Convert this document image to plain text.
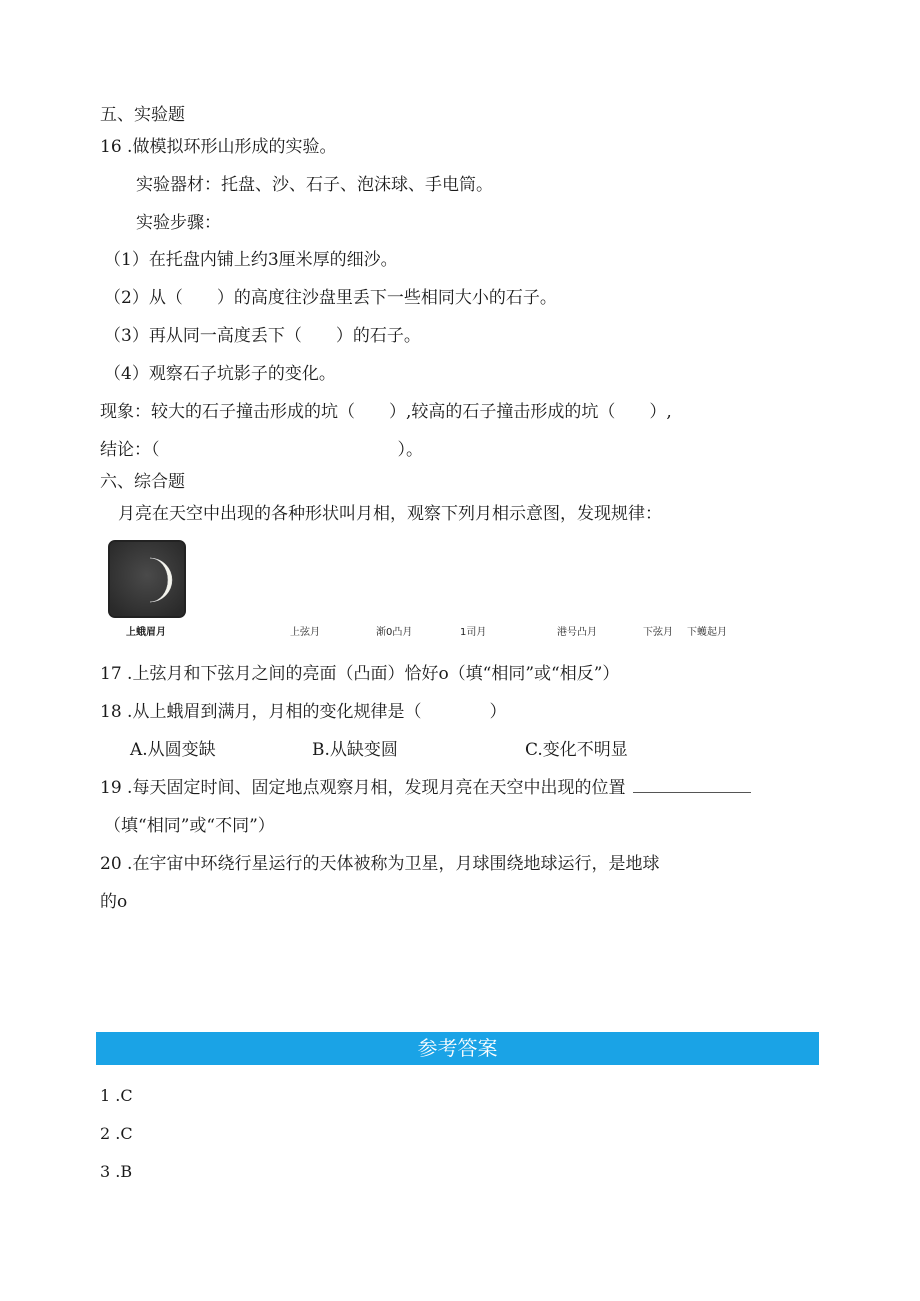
五、实验题
16 .做模拟环形山形成的实验。
实验器材：托盘、沙、石子、泡沫球、手电筒。
实验步骤：
（1）在托盘内铺上约3厘米厚的细沙。
（2）从（　　）的高度往沙盘里丢下一些相同大小的石子。
（3）再从同一高度丢下（　　）的石子。
（4）观察石子坑影子的变化。
现象：较大的石子撞击形成的坑（　　）,较高的石子撞击形成的坑（　　）,
结论：（　　　　　　　　　　　　　　）。
六、综合题
月亮在天空中出现的各种形状叫月相，观察下列月相示意图，发现规律：
上蛾眉月	上弦月	渐0凸月	1司月	港号凸月	下弦月 下蠖起月
17 .上弦月和下弦月之间的亮面（凸面）恰好o（填“相同”或“相反”）
18 .从上蛾眉到满月，月相的变化规律是（　　　　）
A.从圆变缺	B.从缺变圆	C.变化不明显
19 .每天固定时间、固定地点观察月相，发现月亮在天空中出现的位置
（填“相同”或“不同”）
20 .在宇宙中环绕行星运行的天体被称为卫星，月球围绕地球运行，是地球
的o
参考答案
1 .C
2 .C
3 .B
